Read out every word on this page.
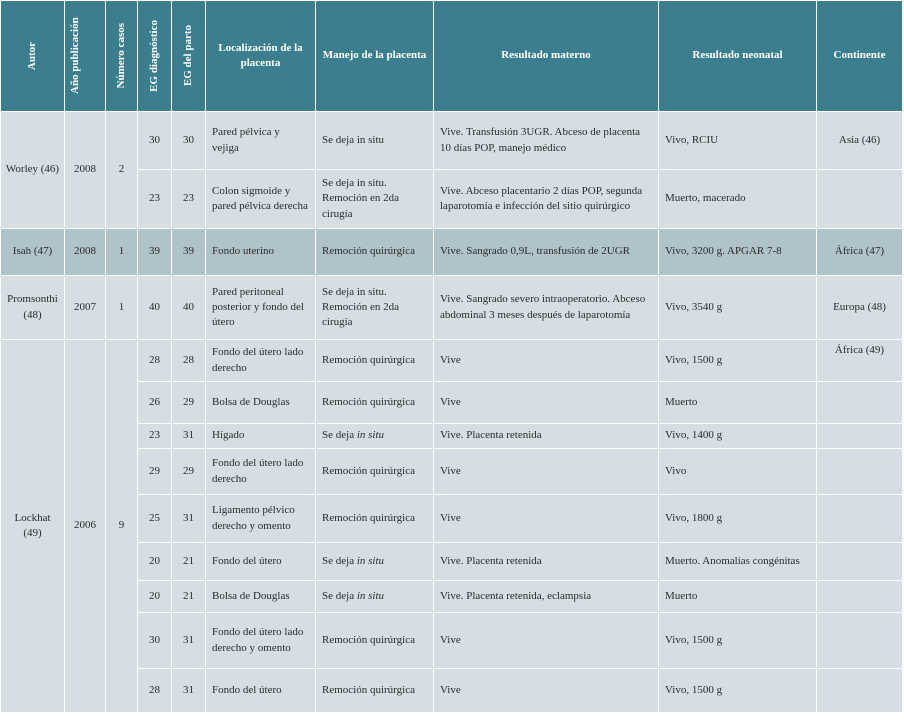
Autor	Año publicación	Número casos	EG diagnóstico	EG del parto	Localización de la placenta	Manejo de la placenta	Resultado materno	Resultado neonatal	Continente
Worley (46)	2008	2	30	30	Pared pélvica y vejiga	Se deja in situ	Vive. Transfusión 3UGR. Abceso de placenta 10 días POP, manejo médico	Vivo, RCIU	Asia (46)
			23	23	Colon sigmoide y pared pélvica derecha	Se deja in situ. Remoción en 2da cirugía	Vive. Abceso placentario 2 días POP, segunda laparotomía e infección del sitio quirúrgico	Muerto, macerado	
Isah (47)	2008	1	39	39	Fondo uterino	Remoción quirúrgica	Vive. Sangrado 0,9L, transfusión de 2UGR	Vivo, 3200 g. APGAR 7-8	África (47)
Promsonthi (48)	2007	1	40	40	Pared peritoneal posterior y fondo del útero	Se deja in situ. Remoción en 2da cirugía	Vive. Sangrado severo intraoperatorio. Abceso abdominal 3 meses después de laparotomía	Vivo, 3540 g	Europa (48)
Lockhat (49)	2006	9	28	28	Fondo del útero lado derecho	Remoción quirúrgica	Vive	Vivo, 1500 g	África (49)
			26	29	Bolsa de Douglas	Remoción quirúrgica	Vive	Muerto	
			23	31	Hígado	Se deja in situ	Vive. Placenta retenida	Vivo, 1400 g	
			29	29	Fondo del útero lado derecho	Remoción quirúrgica	Vive	Vivo	
			25	31	Ligamento pélvico derecho y omento	Remoción quirúrgica	Vive	Vivo, 1800 g	
			20	21	Fondo del útero	Se deja in situ	Vive. Placenta retenida	Muerto. Anomalías congénitas	
			20	21	Bolsa de Douglas	Se deja in situ	Vive. Placenta retenida, eclampsia	Muerto	
			30	31	Fondo del útero lado derecho y omento	Remoción quirúrgica	Vive	Vivo, 1500 g	
			28	31	Fondo del útero	Remoción quirúrgica	Vive	Vivo, 1500 g	
